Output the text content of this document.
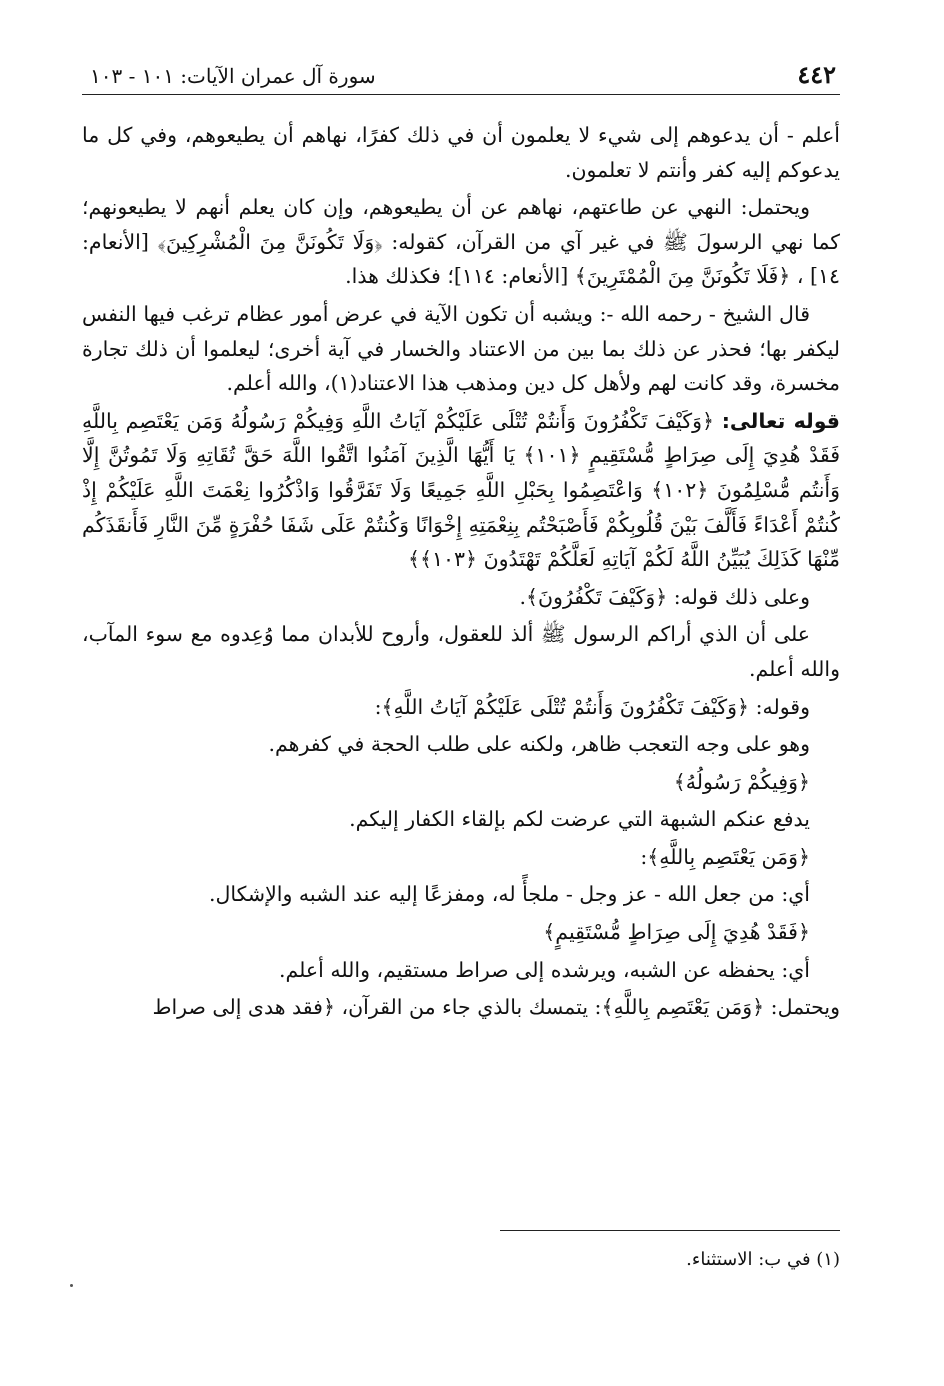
٤٤٢
سورة آل عمران الآيات: ١٠١ - ١٠٣

أعلم - أن يدعوهم إلى شيء لا يعلمون أن في ذلك كفرًا، نهاهم أن يطيعوهم، وفي كل ما يدعوكم إليه كفر وأنتم لا تعلمون.

ويحتمل: النهي عن طاعتهم، نهاهم عن أن يطيعوهم، وإن كان يعلم أنهم لا يطيعونهم؛ كما نهي الرسولَ ﷺ في غير آي من القرآن، كقوله: ﴿وَلَا تَكُونَنَّ مِنَ الْمُشْرِكِينَ﴾ [الأنعام: ١٤] ، ﴿فَلَا تَكُونَنَّ مِنَ الْمُمْتَرِينَ﴾ [الأنعام: ١١٤]؛ فكذلك هذا.

قال الشيخ - رحمه الله -: ويشبه أن تكون الآية في عرض أمور عظام ترغب فيها النفس ليكفر بها؛ فحذر عن ذلك بما بين من الاعتناد والخسار في آية أخرى؛ ليعلموا أن ذلك تجارة مخسرة، وقد كانت لهم ولأهل كل دين ومذهب هذا الاعتناد(١)، والله أعلم.

قوله تعالى: ﴿وَكَيْفَ تَكْفُرُونَ وَأَنتُمْ تُتْلَى عَلَيْكُمْ آيَاتُ اللَّهِ وَفِيكُمْ رَسُولُهُ وَمَن يَعْتَصِم بِاللَّهِ فَقَدْ هُدِيَ إِلَى صِرَاطٍ مُّسْتَقِيمٍ ﴿١٠١﴾ يَا أَيُّهَا الَّذِينَ آمَنُوا اتَّقُوا اللَّهَ حَقَّ تُقَاتِهِ وَلَا تَمُوتُنَّ إِلَّا وَأَنتُم مُّسْلِمُونَ ﴿١٠٢﴾ وَاعْتَصِمُوا بِحَبْلِ اللَّهِ جَمِيعًا وَلَا تَفَرَّقُوا وَاذْكُرُوا نِعْمَتَ اللَّهِ عَلَيْكُمْ إِذْ كُنتُمْ أَعْدَاءً فَأَلَّفَ بَيْنَ قُلُوبِكُمْ فَأَصْبَحْتُم بِنِعْمَتِهِ إِخْوَانًا وَكُنتُمْ عَلَى شَفَا حُفْرَةٍ مِّنَ النَّارِ فَأَنقَذَكُم مِّنْهَا كَذَلِكَ يُبَيِّنُ اللَّهُ لَكُمْ آيَاتِهِ لَعَلَّكُمْ تَهْتَدُونَ ﴿١٠٣﴾﴾

وعلى ذلك قوله: ﴿وَكَيْفَ تَكْفُرُونَ﴾.

على أن الذي أراكم الرسول ﷺ ألذ للعقول، وأروح للأبدان مما وُعِدوه مع سوء المآب، والله أعلم.

وقوله: ﴿وَكَيْفَ تَكْفُرُونَ وَأَنتُمْ تُتْلَى عَلَيْكُمْ آيَاتُ اللَّهِ﴾:

وهو على وجه التعجب ظاهر، ولكنه على طلب الحجة في كفرهم.

﴿وَفِيكُمْ رَسُولُهُ﴾

يدفع عنكم الشبهة التي عرضت لكم بإلقاء الكفار إليكم.

﴿وَمَن يَعْتَصِم بِاللَّهِ﴾:

أي: من جعل الله - عز وجل - ملجأً له، ومفزعًا إليه عند الشبه والإشكال.

﴿فَقَدْ هُدِيَ إِلَى صِرَاطٍ مُّسْتَقِيمٍ﴾

أي: يحفظه عن الشبه، ويرشده إلى صراط مستقيم، والله أعلم.

ويحتمل: ﴿وَمَن يَعْتَصِم بِاللَّهِ﴾: يتمسك بالذي جاء من القرآن، ﴿فقد هدى إلى صراط

(١) في ب: الاستثناء.
